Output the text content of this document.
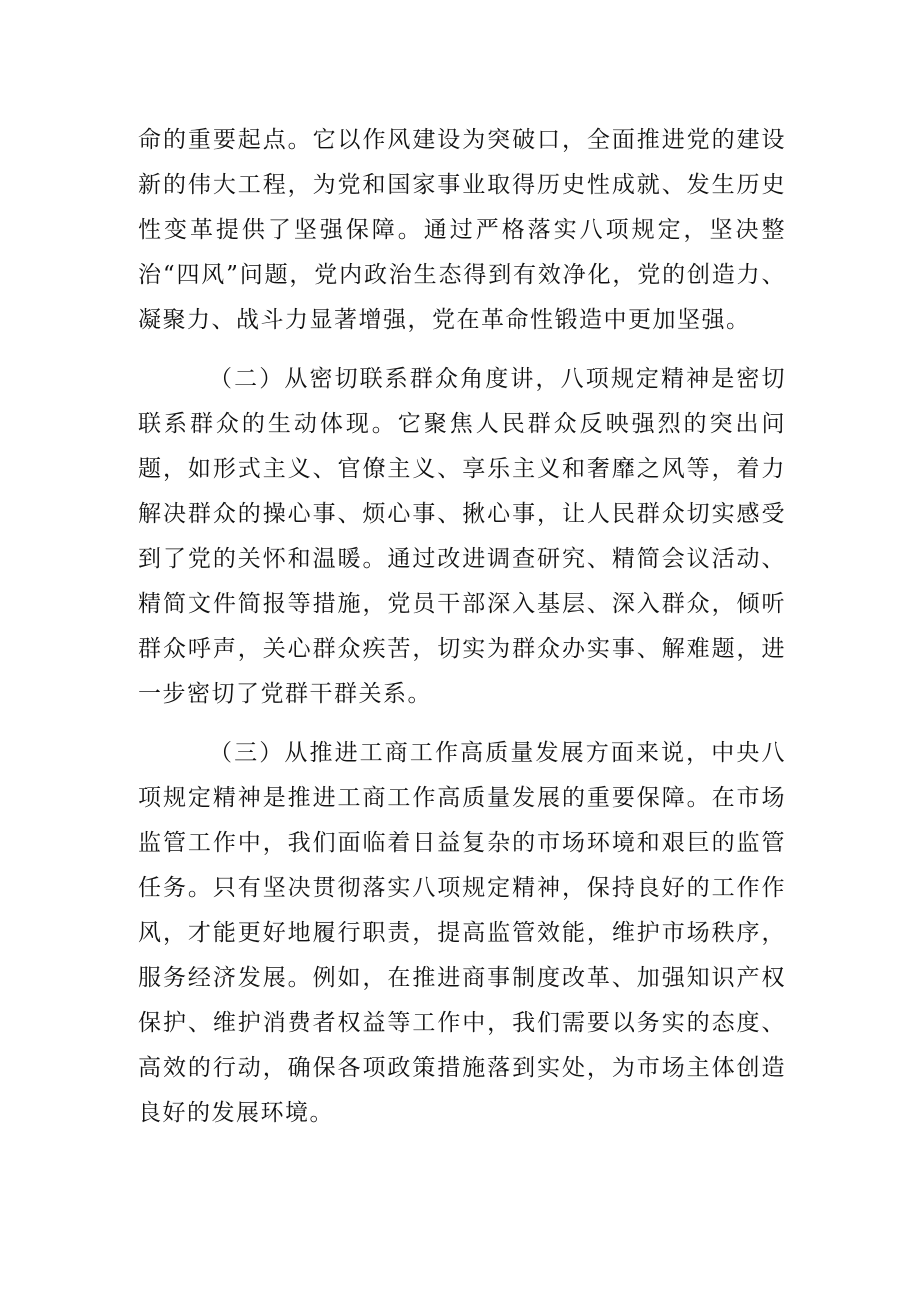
命的重要起点。它以作风建设为突破口，全面推进党的建设新的伟大工程，为党和国家事业取得历史性成就、发生历史性变革提供了坚强保障。通过严格落实八项规定，坚决整治“四风”问题，党内政治生态得到有效净化，党的创造力、凝聚力、战斗力显著增强，党在革命性锻造中更加坚强。

（二）从密切联系群众角度讲，八项规定精神是密切联系群众的生动体现。它聚焦人民群众反映强烈的突出问题，如形式主义、官僚主义、享乐主义和奢靡之风等，着力解决群众的操心事、烦心事、揪心事，让人民群众切实感受到了党的关怀和温暖。通过改进调查研究、精简会议活动、精简文件简报等措施，党员干部深入基层、深入群众，倾听群众呼声，关心群众疾苦，切实为群众办实事、解难题，进一步密切了党群干群关系。

（三）从推进工商工作高质量发展方面来说，中央八项规定精神是推进工商工作高质量发展的重要保障。在市场监管工作中，我们面临着日益复杂的市场环境和艰巨的监管任务。只有坚决贯彻落实八项规定精神，保持良好的工作作风，才能更好地履行职责，提高监管效能，维护市场秩序，服务经济发展。例如，在推进商事制度改革、加强知识产权保护、维护消费者权益等工作中，我们需要以务实的态度、高效的行动，确保各项政策措施落到实处，为市场主体创造良好的发展环境。
